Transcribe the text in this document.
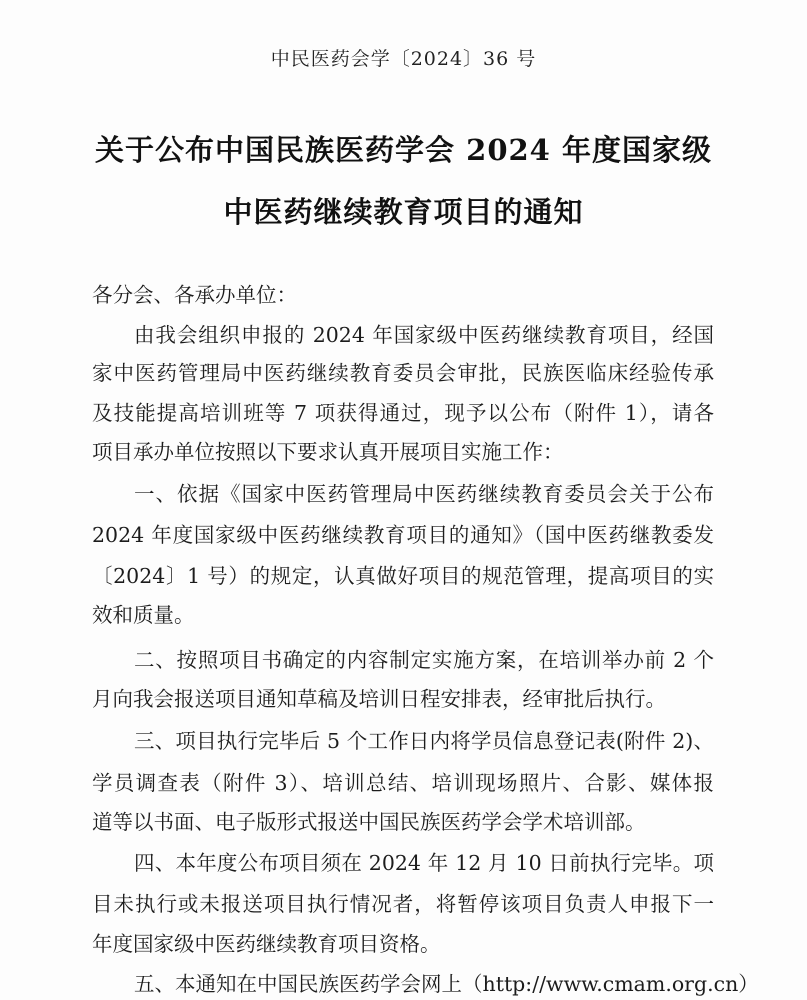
中民医药会学〔2024〕36 号
关于公布中国民族医药学会 2024 年度国家级
中医药继续教育项目的通知
各分会、各承办单位：
由我会组织申报的 2024 年国家级中医药继续教育项目，经国
家中医药管理局中医药继续教育委员会审批，民族医临床经验传承
及技能提高培训班等 7 项获得通过，现予以公布（附件 1），请各
项目承办单位按照以下要求认真开展项目实施工作：
一、依据《国家中医药管理局中医药继续教育委员会关于公布
2024 年度国家级中医药继续教育项目的通知》（国中医药继教委发
〔2024〕1 号）的规定，认真做好项目的规范管理，提高项目的实
效和质量。
二、按照项目书确定的内容制定实施方案，在培训举办前 2 个
月向我会报送项目通知草稿及培训日程安排表，经审批后执行。
三、项目执行完毕后 5 个工作日内将学员信息登记表(附件 2)、
学员调查表（附件 3）、培训总结、培训现场照片、合影、媒体报
道等以书面、电子版形式报送中国民族医药学会学术培训部。
四、本年度公布项目须在 2024 年 12 月 10 日前执行完毕。项
目未执行或未报送项目执行情况者，将暂停该项目负责人申报下一
年度国家级中医药继续教育项目资格。
五、本通知在中国民族医药学会网上（http://www.cmam.org.cn）
